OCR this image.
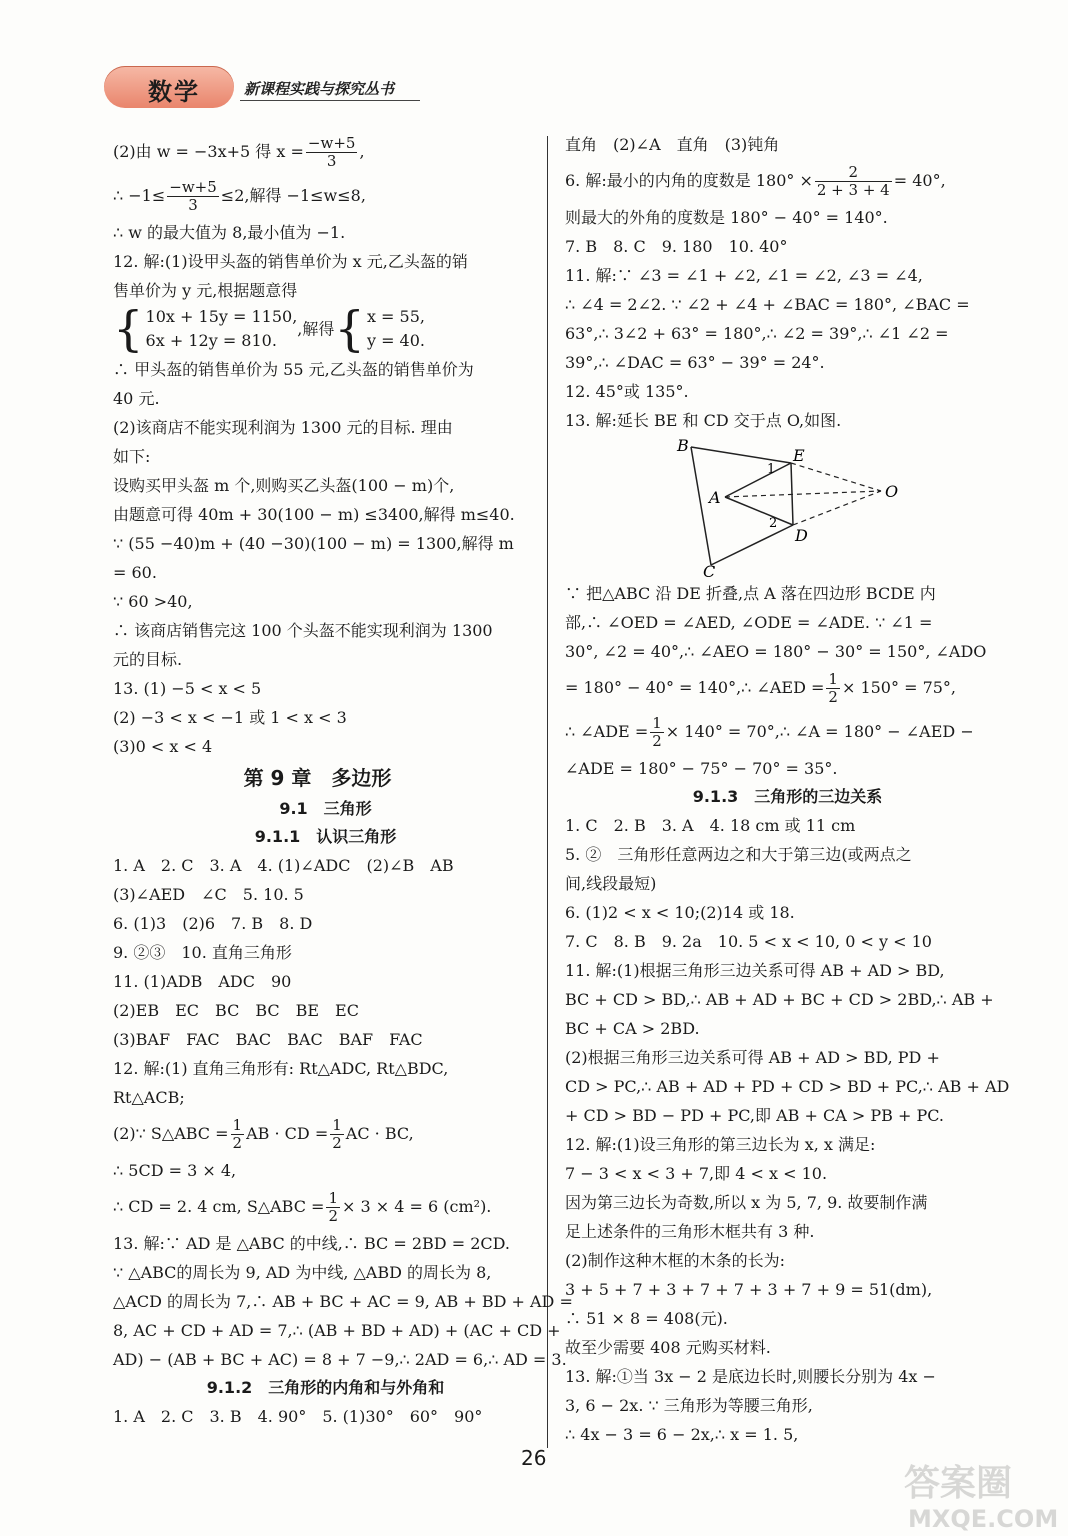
数学	新课程实践与探究丛书
(2)由 w = −3x+5 得 $x = \frac{-w+5}{3}$ ,
∴ $-1\le \frac{-w+5}{3} \le 2$,解得 −1≤w≤8,
∴ w 的最大值为 8,最小值为 −1.
12. 解:(1)设甲头盔的销售单价为 x 元,乙头盔的销
售单价为 y 元,根据题意得
{ 10x + 15y = 1150,
6x + 12y = 810.
,解得 { x = 55,
y = 40.
∴ 甲头盔的销售单价为 55 元,乙头盔的销售单价为
40 元.
(2)该商店不能实现利润为 1300 元的目标. 理由
如下:
设购买甲头盔 m 个,则购买乙头盔(100 − m)个,
由题意可得 40m + 30(100 − m) ≤3400,解得 m≤40.
∵ (55 −40)m + (40 −30)(100 − m) = 1300,解得 m
= 60.
∵ 60 >40,
∴ 该商店销售完这 100 个头盔不能实现利润为 1300
元的目标.
13. (1) −5 < x < 5
(2) −3 < x < −1 或 1 < x < 3
(3)0 < x < 4
第 9 章　多边形
9.1　三角形
9.1.1　认识三角形
1. A　2. C　3. A　4. (1)∠ADC　(2)∠B　AB
(3)∠AED　∠C　5. 10. 5
6. (1)3　(2)6　7. B　8. D
9. ②③　10. 直角三角形
11. (1)ADB　ADC　90
(2)EB　EC　BC　BC　BE　EC
(3)BAF　FAC　BAC　BAC　BAF　FAC
12. 解:(1) 直角三角形有: Rt△ADC, Rt△BDC,
Rt△ACB;
(2)∵ S△ABC = $\frac{1}{2}$ AB · CD = $\frac{1}{2}$ AC · BC,
∴ 5CD = 3 × 4,
∴ CD = 2. 4 cm, S△ABC = $\frac{1}{2} \times 3 \times 4 = 6$ (cm²).
13. 解:∵ AD 是 △ABC 的中线,∴ BC = 2BD = 2CD.
∵ △ABC的周长为 9, AD 为中线, △ABD 的周长为 8,
△ACD 的周长为 7,∴ AB + BC + AC = 9, AB + BD + AD =
8, AC + CD + AD = 7,∴ (AB + BD + AD) + (AC + CD +
AD) − (AB + BC + AC) = 8 + 7 −9,∴ 2AD = 6,∴ AD = 3.
9.1.2　三角形的内角和与外角和
1. A　2. C　3. B　4. 90°　5. (1)30°　60°　90°
直角　(2)∠A　直角　(3)钝角
6. 解:最小的内角的度数是 $180^\circ \times \frac{2}{2 + 3 + 4} = 40^\circ$,
则最大的外角的度数是 180° − 40° = 140°.
7. B　8. C　9. 180　10. 40°
11. 解:∵ ∠3 = ∠1 + ∠2, ∠1 = ∠2, ∠3 = ∠4,
∴ ∠4 = 2∠2. ∵ ∠2 + ∠4 + ∠BAC = 180°, ∠BAC =
63°,∴ 3∠2 + 63° = 180°,∴ ∠2 = 39°,∴ ∠1 ∠2 =
39°,∴ ∠DAC = 63° − 39° = 24°.
12. 45°或 135°.
13. 解:延长 BE 和 CD 交于点 O,如图.
B
C
A
E
D
O
1
2
∵ 把△ABC 沿 DE 折叠,点 A 落在四边形 BCDE 内
部,∴ ∠OED = ∠AED, ∠ODE = ∠ADE. ∵ ∠1 =
30°, ∠2 = 40°,∴ ∠AEO = 180° − 30° = 150°, ∠ADO
= 180° − 40° = 140°,∴ ∠AED = $\frac{1}{2} \times 150^\circ = 75^\circ$,
∴ ∠ADE = $\frac{1}{2} \times 140^\circ$ = 70°,∴ ∠A = 180° − ∠AED −
∠ADE = 180° − 75° − 70° = 35°.
9.1.3　三角形的三边关系
1. C　2. B　3. A　4. 18 cm 或 11 cm
5. ②　三角形任意两边之和大于第三边(或两点之
间,线段最短)
6. (1)2 < x < 10;(2)14 或 18.
7. C　8. B　9. 2a　10. 5 < x < 10, 0 < y < 10
11. 解:(1)根据三角形三边关系可得 AB + AD > BD,
BC + CD > BD,∴ AB + AD + BC + CD > 2BD,∴ AB +
BC + CA > 2BD.
(2)根据三角形三边关系可得 AB + AD > BD, PD +
CD > PC,∴ AB + AD + PD + CD > BD + PC,∴ AB + AD
+ CD > BD − PD + PC,即 AB + CA > PB + PC.
12. 解:(1)设三角形的第三边长为 x, x 满足:
7 − 3 < x < 3 + 7,即 4 < x < 10.
因为第三边长为奇数,所以 x 为 5, 7, 9. 故要制作满
足上述条件的三角形木框共有 3 种.
(2)制作这种木框的木条的长为:
3 + 5 + 7 + 3 + 7 + 7 + 3 + 7 + 9 = 51(dm),
∴ 51 × 8 = 408(元).
故至少需要 408 元购买材料.
13. 解:①当 3x − 2 是底边长时,则腰长分别为 4x −
3, 6 − 2x. ∵ 三角形为等腰三角形,
∴ 4x − 3 = 6 − 2x,∴ x = 1. 5,
26
答案圈
MXQE.COM
